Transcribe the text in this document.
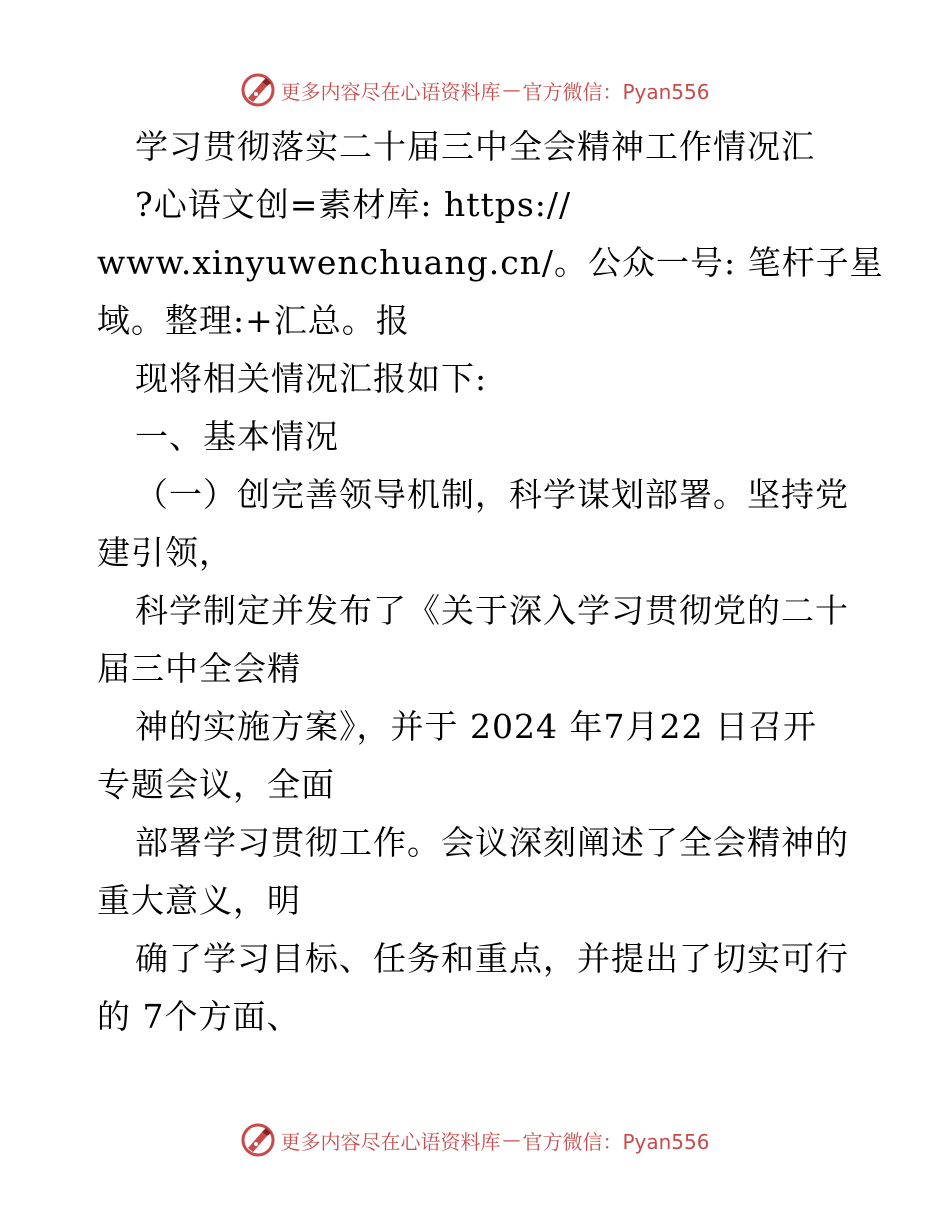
更多内容尽在心语资料库 — 官方微信：Pyan556
学习贯彻落实二十届三中全会精神工作情况汇
?心语文创=素材库: https://
www.xinyuwenchuang.cn/。公众一号: 笔杆子星
域。整理:+汇总。报
现将相关情况汇报如下:
一、基本情况
（一）创完善领导机制，科学谋划部署。坚持党
建引领，
科学制定并发布了《关于深入学习贯彻党的二十
届三中全会精
神的实施方案》，并于 2024 年7月22 日召开
专题会议，全面
部署学习贯彻工作。会议深刻阐述了全会精神的
重大意义，明
确了学习目标、任务和重点，并提出了切实可行
的 7个方面、
更多内容尽在心语资料库 — 官方微信：Pyan556
